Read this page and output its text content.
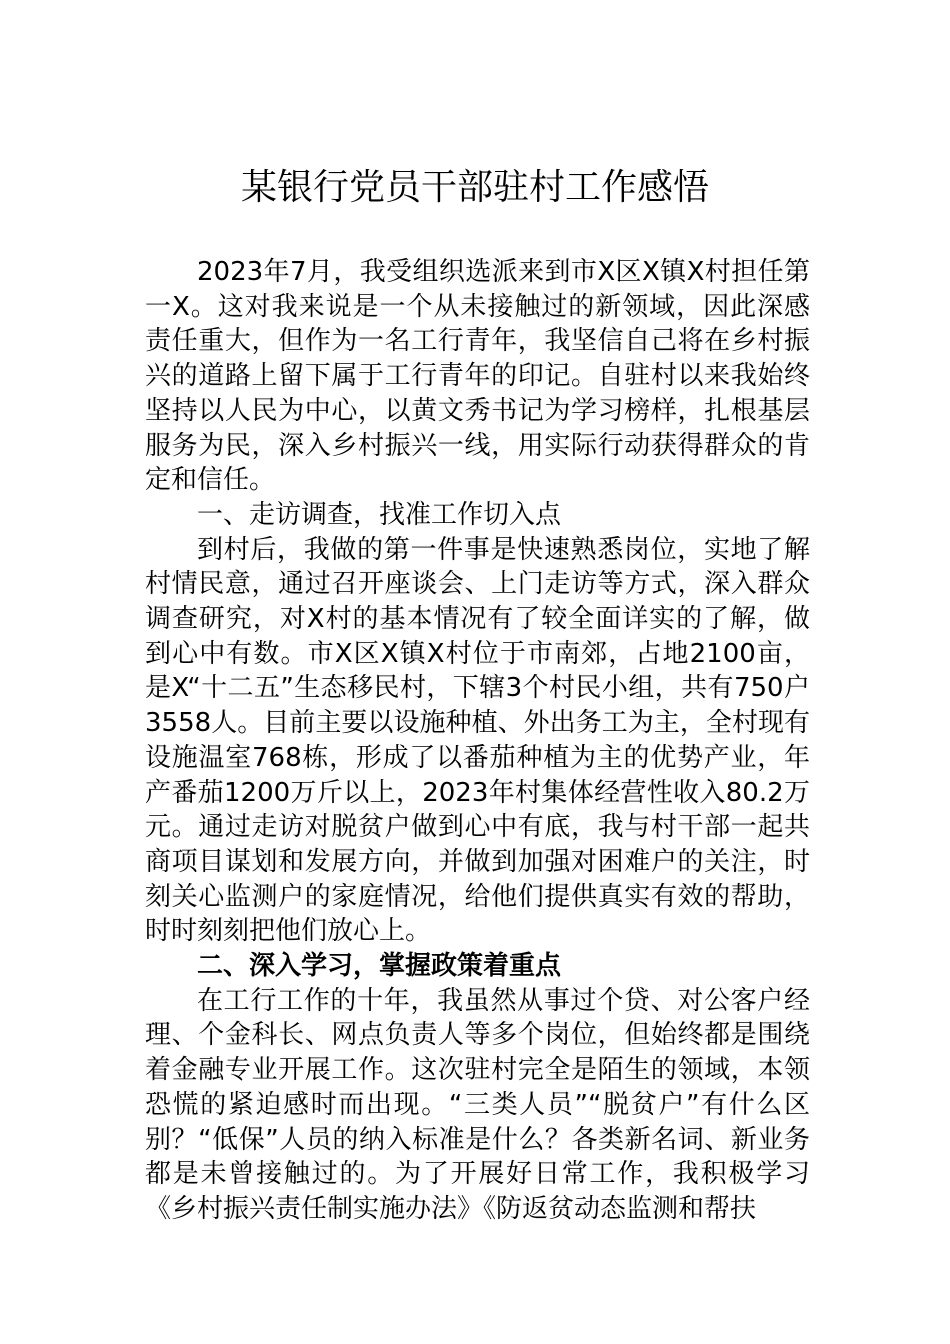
某银行党员干部驻村工作感悟

2023年7月，我受组织选派来到市X区X镇X村担任第一X。这对我来说是一个从未接触过的新领域，因此深感责任重大，但作为一名工行青年，我坚信自己将在乡村振兴的道路上留下属于工行青年的印记。自驻村以来我始终坚持以人民为中心，以黄文秀书记为学习榜样，扎根基层服务为民，深入乡村振兴一线，用实际行动获得群众的肯定和信任。

一、走访调查，找准工作切入点

到村后，我做的第一件事是快速熟悉岗位，实地了解村情民意，通过召开座谈会、上门走访等方式，深入群众调查研究，对X村的基本情况有了较全面详实的了解，做到心中有数。市X区X镇X村位于市南郊，占地2100亩，是X“十二五”生态移民村，下辖3个村民小组，共有750户3558人。目前主要以设施种植、外出务工为主，全村现有设施温室768栋，形成了以番茄种植为主的优势产业，年产番茄1200万斤以上，2023年村集体经营性收入80.2万元。通过走访对脱贫户做到心中有底，我与村干部一起共商项目谋划和发展方向，并做到加强对困难户的关注，时刻关心监测户的家庭情况，给他们提供真实有效的帮助，时时刻刻把他们放心上。

二、深入学习，掌握政策着重点

在工行工作的十年，我虽然从事过个贷、对公客户经理、个金科长、网点负责人等多个岗位，但始终都是围绕着金融专业开展工作。这次驻村完全是陌生的领域，本领恐慌的紧迫感时而出现。“三类人员”“脱贫户”有什么区别？“低保”人员的纳入标准是什么？各类新名词、新业务都是未曾接触过的。为了开展好日常工作，我积极学习《乡村振兴责任制实施办法》《防返贫动态监测和帮扶
